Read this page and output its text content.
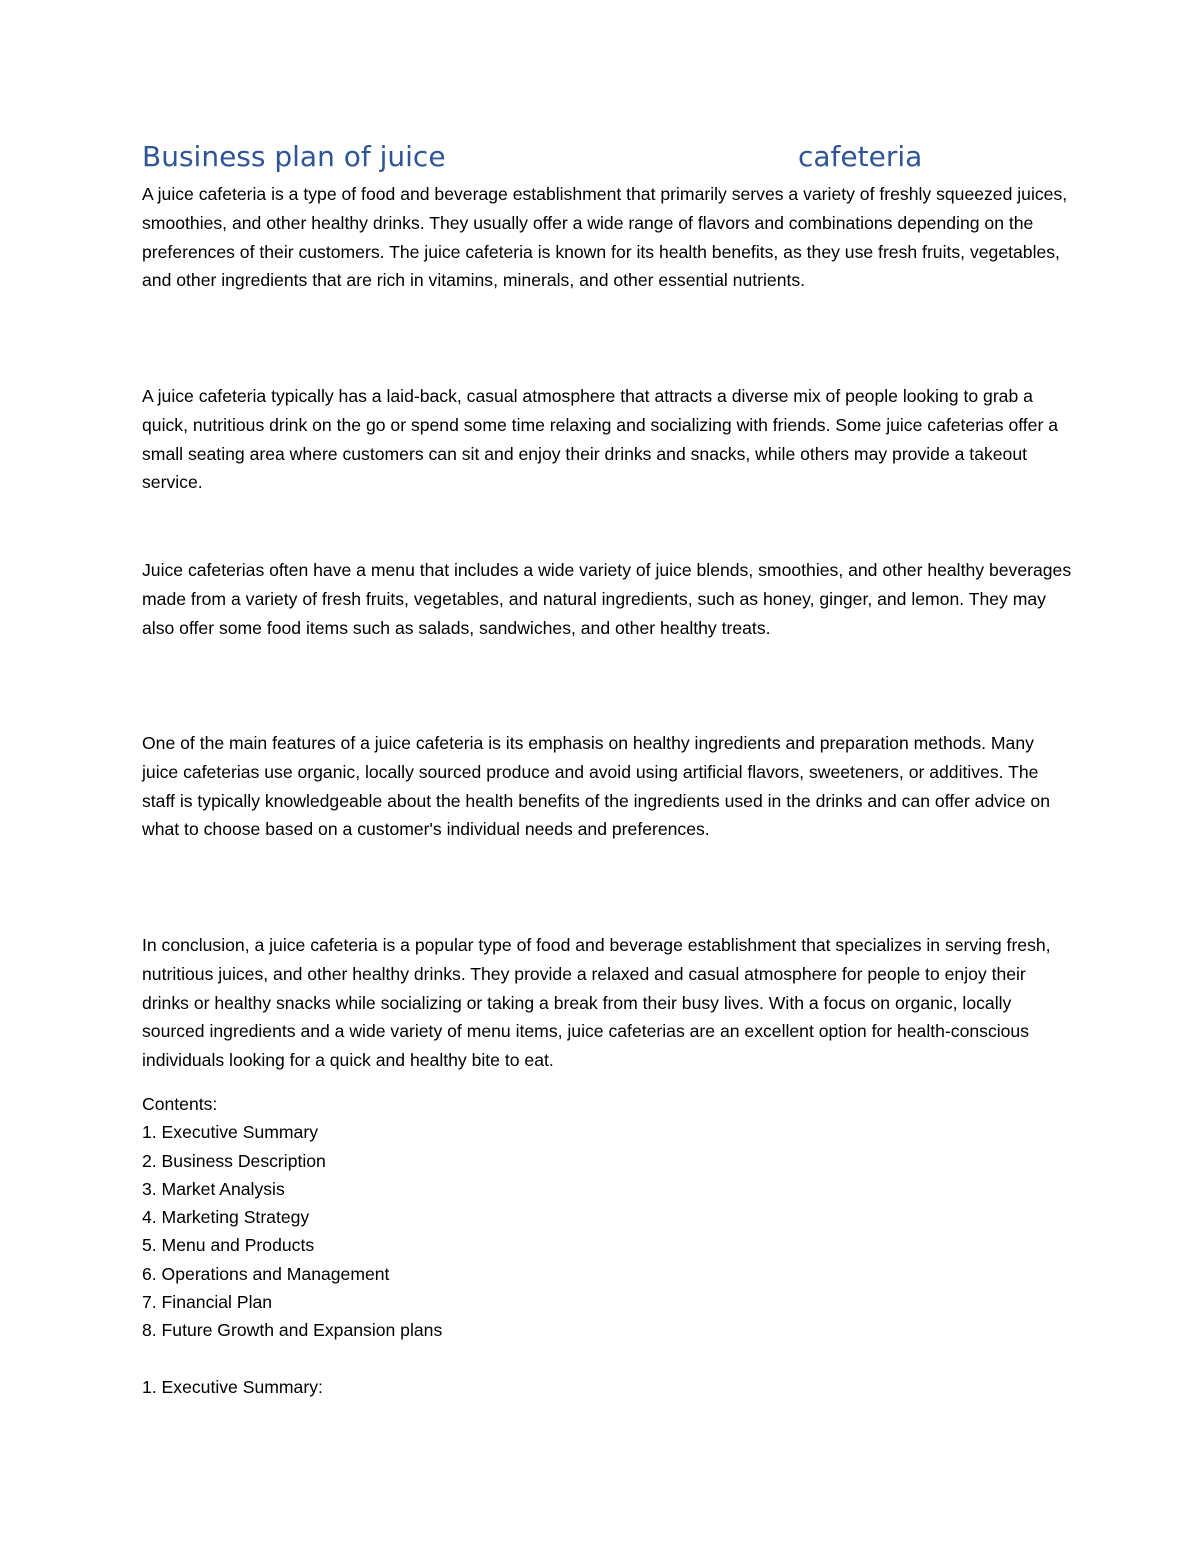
Business plan of juice	cafeteria

A juice cafeteria is a type of food and beverage establishment that primarily serves a variety of freshly squeezed juices, smoothies, and other healthy drinks. They usually offer a wide range of flavors and combinations depending on the preferences of their customers. The juice cafeteria is known for its health benefits, as they use fresh fruits, vegetables, and other ingredients that are rich in vitamins, minerals, and other essential nutrients.

A juice cafeteria typically has a laid-back, casual atmosphere that attracts a diverse mix of people looking to grab a quick, nutritious drink on the go or spend some time relaxing and socializing with friends. Some juice cafeterias offer a small seating area where customers can sit and enjoy their drinks and snacks, while others may provide a takeout service.

Juice cafeterias often have a menu that includes a wide variety of juice blends, smoothies, and other healthy beverages made from a variety of fresh fruits, vegetables, and natural ingredients, such as honey, ginger, and lemon. They may also offer some food items such as salads, sandwiches, and other healthy treats.

One of the main features of a juice cafeteria is its emphasis on healthy ingredients and preparation methods. Many juice cafeterias use organic, locally sourced produce and avoid using artificial flavors, sweeteners, or additives. The staff is typically knowledgeable about the health benefits of the ingredients used in the drinks and can offer advice on what to choose based on a customer's individual needs and preferences.

In conclusion, a juice cafeteria is a popular type of food and beverage establishment that specializes in serving fresh, nutritious juices, and other healthy drinks. They provide a relaxed and casual atmosphere for people to enjoy their drinks or healthy snacks while socializing or taking a break from their busy lives. With a focus on organic, locally sourced ingredients and a wide variety of menu items, juice cafeterias are an excellent option for health-conscious individuals looking for a quick and healthy bite to eat.

Contents:
1. Executive Summary
2. Business Description
3. Market Analysis
4. Marketing Strategy
5. Menu and Products
6. Operations and Management
7. Financial Plan
8. Future Growth and Expansion plans
1. Executive Summary:
